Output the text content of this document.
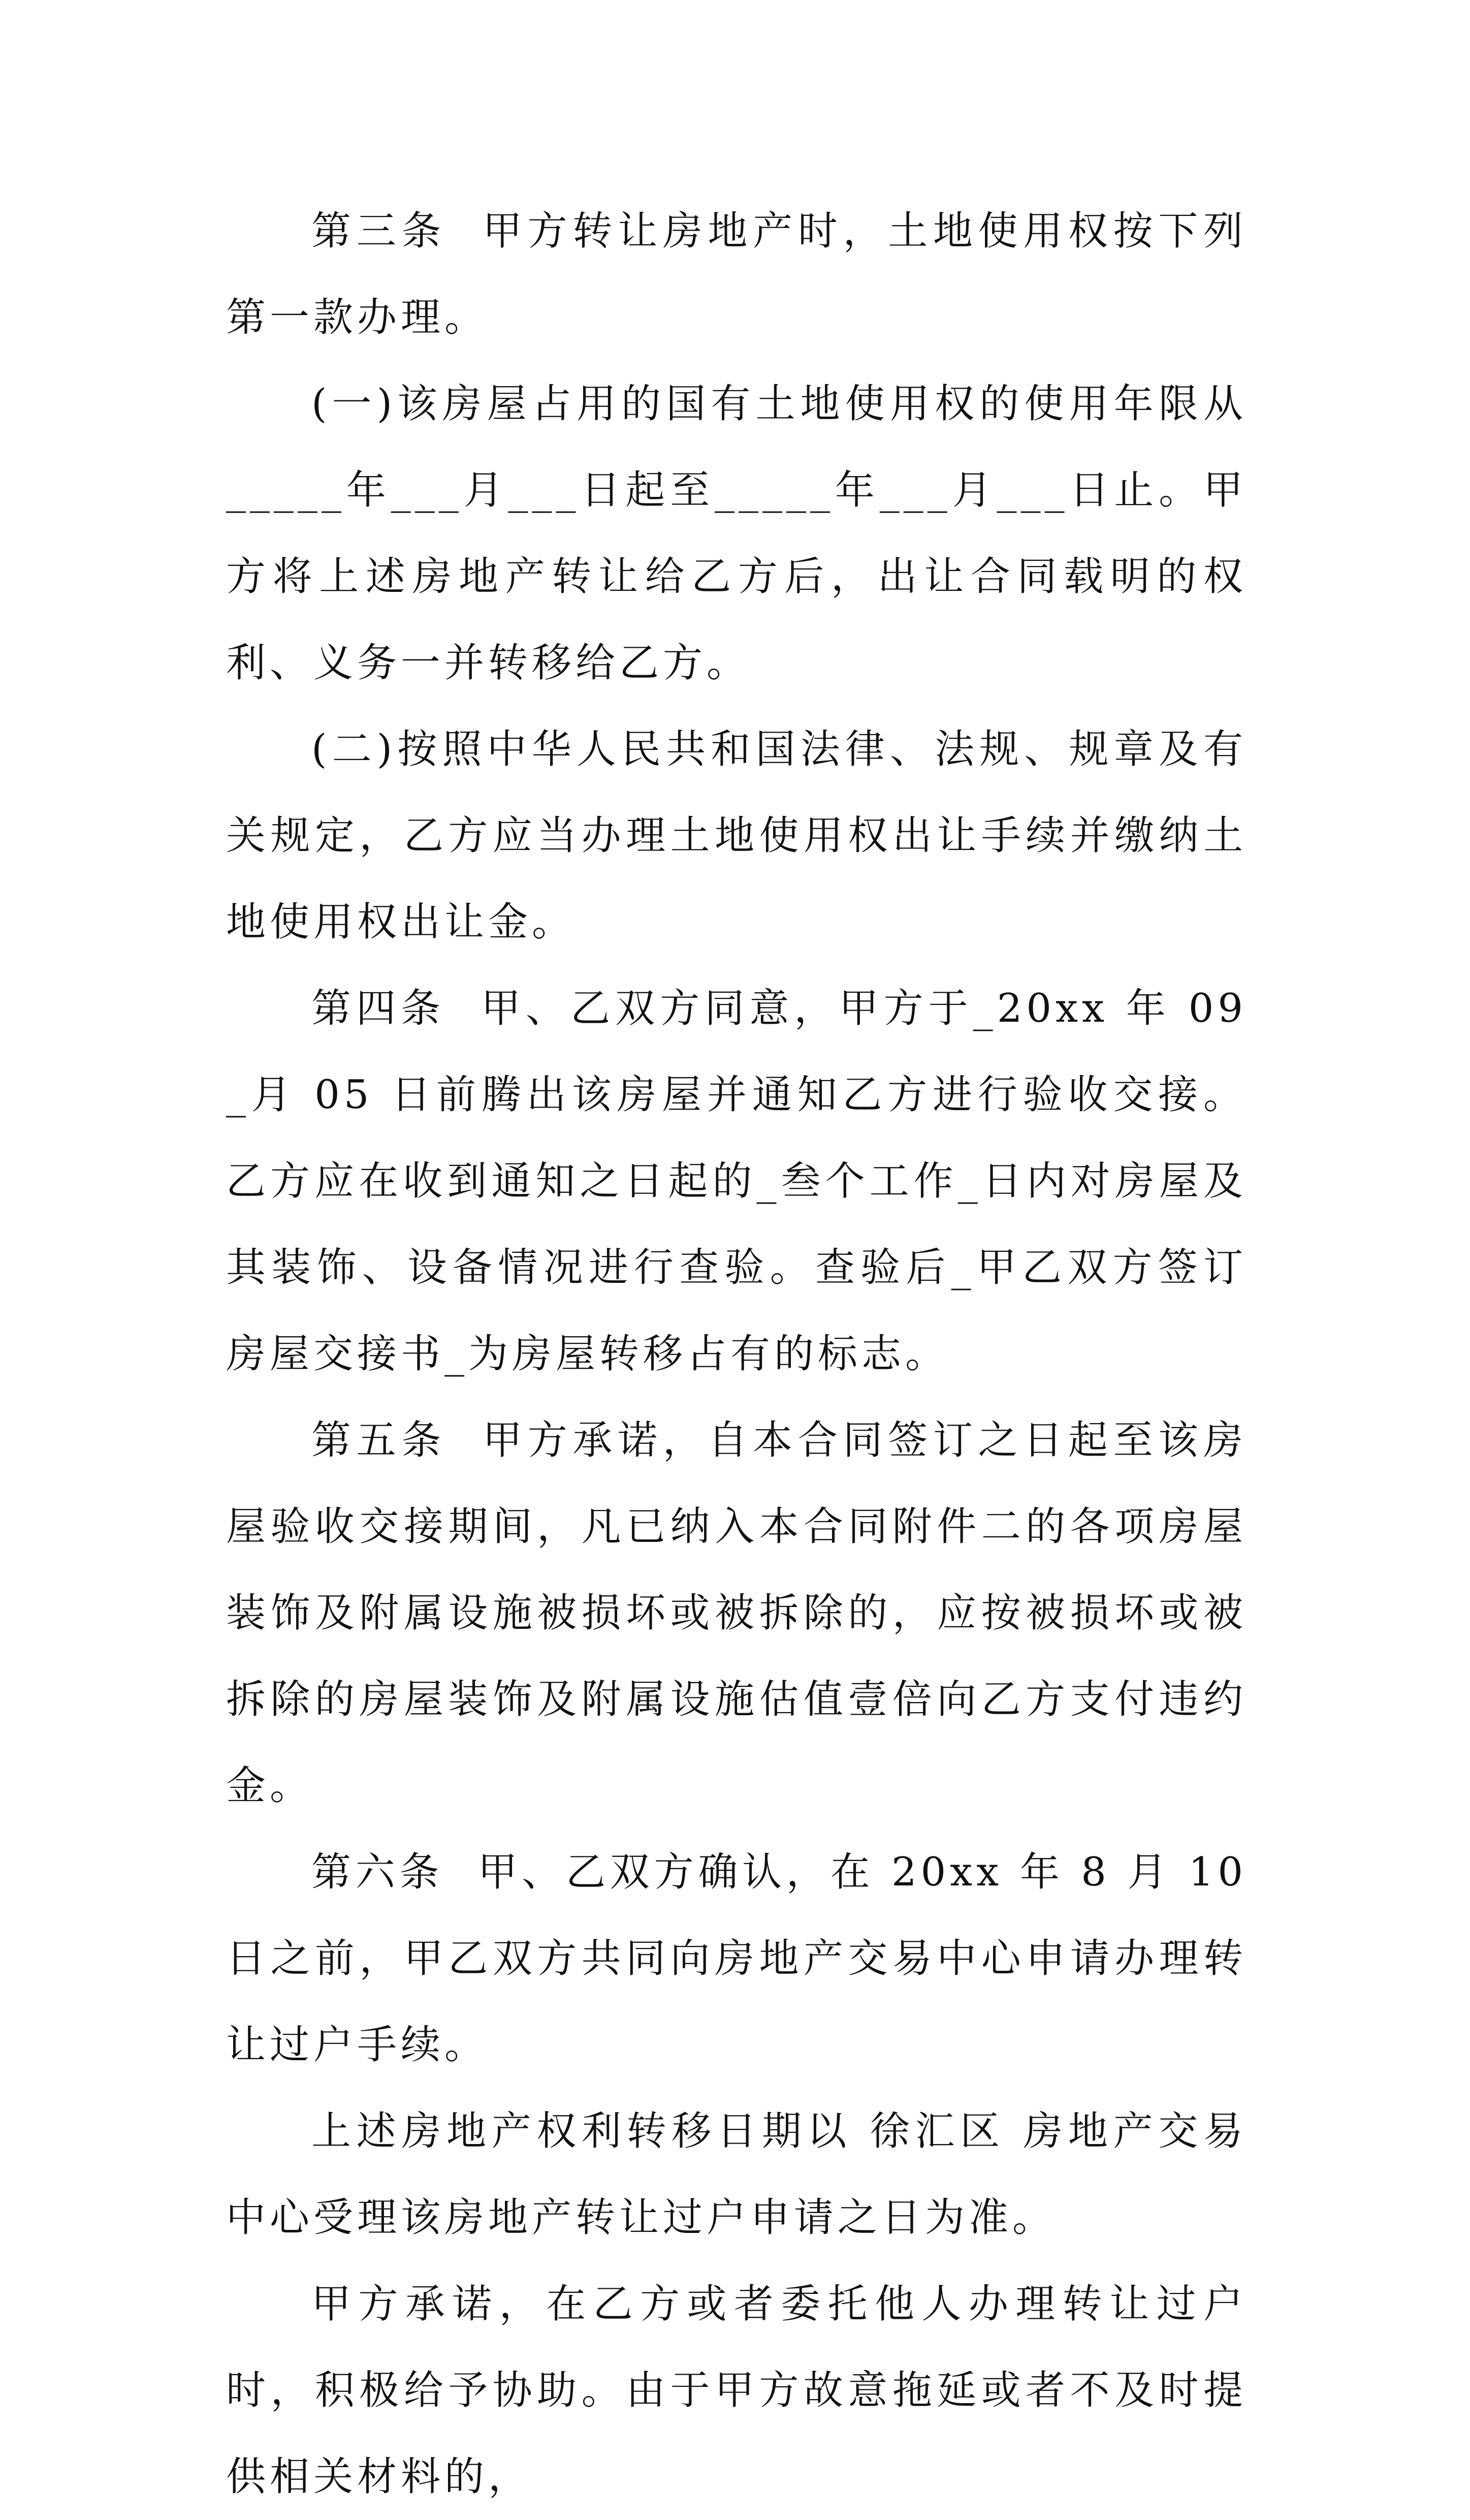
第三条  甲方转让房地产时，土地使用权按下列第一款办理。

(一)该房屋占用的国有土地使用权的使用年限从_____年___月___日起至_____年___月___日止。甲方将上述房地产转让给乙方后，出让合同载明的权利、义务一并转移给乙方。

(二)按照中华人民共和国法律、法规、规章及有关规定，乙方应当办理土地使用权出让手续并缴纳土地使用权出让金。

第四条  甲、乙双方同意，甲方于_20xx 年 09_月 05 日前腾出该房屋并通知乙方进行验收交接。乙方应在收到通知之日起的_叁个工作_日内对房屋及其装饰、设备情况进行查验。查验后_甲乙双方签订房屋交接书_为房屋转移占有的标志。

第五条  甲方承诺，自本合同签订之日起至该房屋验收交接期间，凡已纳入本合同附件二的各项房屋装饰及附属设施被损坏或被拆除的，应按被损坏或被拆除的房屋装饰及附属设施估值壹倍向乙方支付违约金。

第六条  甲、乙双方确认，在 20xx 年 8 月 10 日之前，甲乙双方共同向房地产交易中心申请办理转让过户手续。

上述房地产权利转移日期以 徐汇区 房地产交易中心受理该房地产转让过户申请之日为准。

甲方承诺，在乙方或者委托他人办理转让过户时，积极给予协助。由于甲方故意拖延或者不及时提供相关材料的，
